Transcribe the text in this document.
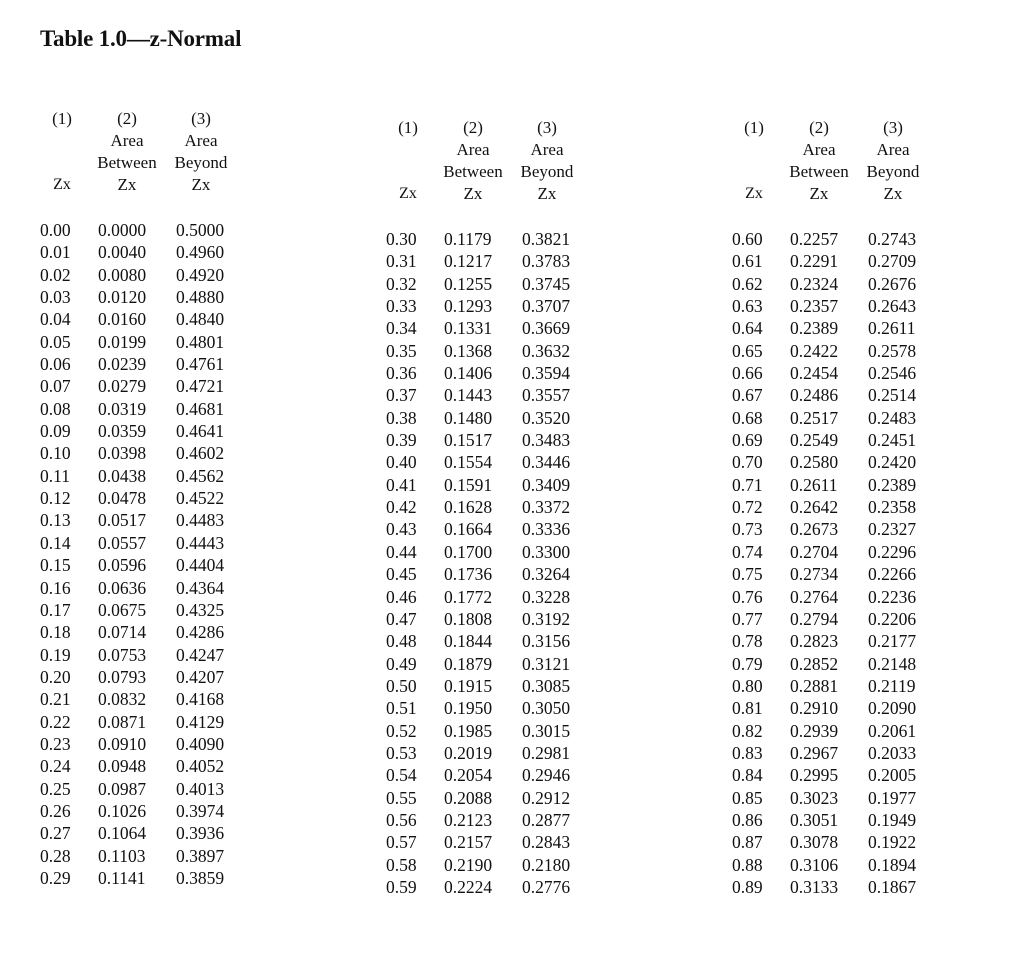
Table 1.0—z-Normal
(1)	(2)
Area
Between
Zx
(3)
Area
Beyond
Zx
Zx
0.00 0.0000 0.5000
0.01 0.0040 0.4960
0.02 0.0080 0.4920
0.03 0.0120 0.4880
0.04 0.0160 0.4840
0.05 0.0199 0.4801
0.06 0.0239 0.4761
0.07 0.0279 0.4721
0.08 0.0319 0.4681
0.09 0.0359 0.4641
0.10 0.0398 0.4602
0.11 0.0438 0.4562
0.12 0.0478 0.4522
0.13 0.0517 0.4483
0.14 0.0557 0.4443
0.15 0.0596 0.4404
0.16 0.0636 0.4364
0.17 0.0675 0.4325
0.18 0.0714 0.4286
0.19 0.0753 0.4247
0.20 0.0793 0.4207
0.21 0.0832 0.4168
0.22 0.0871 0.4129
0.23 0.0910 0.4090
0.24 0.0948 0.4052
0.25 0.0987 0.4013
0.26 0.1026 0.3974
0.27 0.1064 0.3936
0.28 0.1103 0.3897
0.29 0.1141 0.3859
(1)	(2)
Area
Between
Zx
(3)
Area
Beyond
Zx
Zx
0.30 0.1179 0.3821
0.31 0.1217 0.3783
0.32 0.1255 0.3745
0.33 0.1293 0.3707
0.34 0.1331 0.3669
0.35 0.1368 0.3632
0.36 0.1406 0.3594
0.37 0.1443 0.3557
0.38 0.1480 0.3520
0.39 0.1517 0.3483
0.40 0.1554 0.3446
0.41 0.1591 0.3409
0.42 0.1628 0.3372
0.43 0.1664 0.3336
0.44 0.1700 0.3300
0.45 0.1736 0.3264
0.46 0.1772 0.3228
0.47 0.1808 0.3192
0.48 0.1844 0.3156
0.49 0.1879 0.3121
0.50 0.1915 0.3085
0.51 0.1950 0.3050
0.52 0.1985 0.3015
0.53 0.2019 0.2981
0.54 0.2054 0.2946
0.55 0.2088 0.2912
0.56 0.2123 0.2877
0.57 0.2157 0.2843
0.58 0.2190 0.2180
0.59 0.2224 0.2776
(1)	(2)
Area
Between
Zx
(3)
Area
Beyond
Zx
Zx
0.60 0.2257 0.2743
0.61 0.2291 0.2709
0.62 0.2324 0.2676
0.63 0.2357 0.2643
0.64 0.2389 0.2611
0.65 0.2422 0.2578
0.66 0.2454 0.2546
0.67 0.2486 0.2514
0.68 0.2517 0.2483
0.69 0.2549 0.2451
0.70 0.2580 0.2420
0.71 0.2611 0.2389
0.72 0.2642 0.2358
0.73 0.2673 0.2327
0.74 0.2704 0.2296
0.75 0.2734 0.2266
0.76 0.2764 0.2236
0.77 0.2794 0.2206
0.78 0.2823 0.2177
0.79 0.2852 0.2148
0.80 0.2881 0.2119
0.81 0.2910 0.2090
0.82 0.2939 0.2061
0.83 0.2967 0.2033
0.84 0.2995 0.2005
0.85 0.3023 0.1977
0.86 0.3051 0.1949
0.87 0.3078 0.1922
0.88 0.3106 0.1894
0.89 0.3133 0.1867
